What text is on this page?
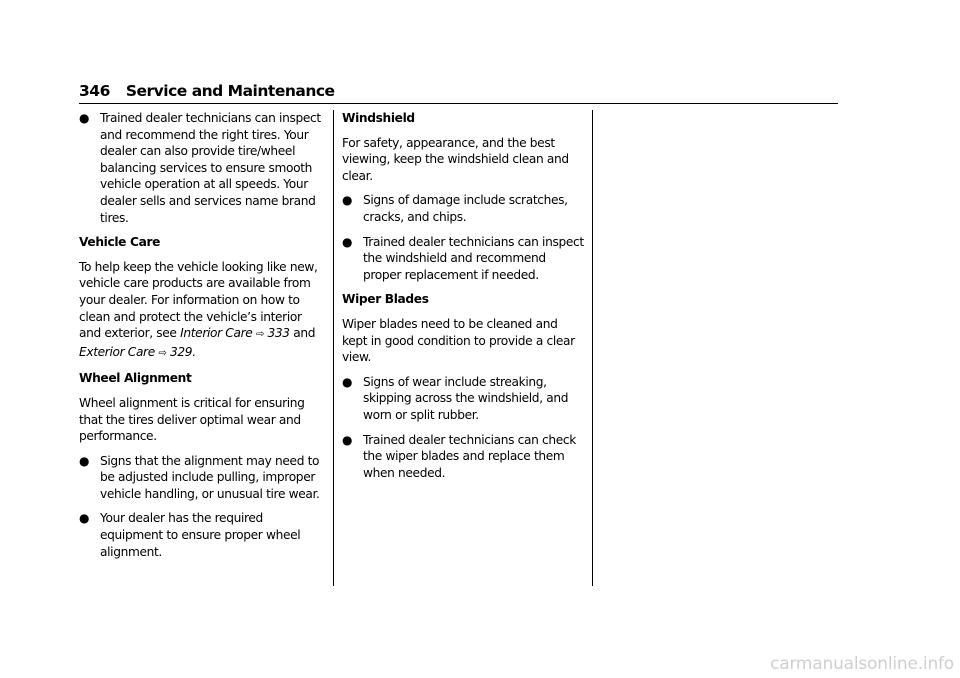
346 Service and Maintenance
● Trained dealer technicians can inspect and recommend the right tires. Your dealer can also provide tire/wheel balancing services to ensure smooth vehicle operation at all speeds. Your dealer sells and services name brand tires.
Vehicle Care
To help keep the vehicle looking like new, vehicle care products are available from your dealer. For information on how to clean and protect the vehicle’s interior and exterior, see Interior Care ⇨ 333 and
Exterior Care ⇨ 329.
Wheel Alignment
Wheel alignment is critical for ensuring that the tires deliver optimal wear and performance.
● Signs that the alignment may need to be adjusted include pulling, improper vehicle handling, or unusual tire wear.
● Your dealer has the required equipment to ensure proper wheel alignment.
Windshield
For safety, appearance, and the best viewing, keep the windshield clean and clear.
● Signs of damage include scratches, cracks, and chips.
● Trained dealer technicians can inspect the windshield and recommend proper replacement if needed.
Wiper Blades
Wiper blades need to be cleaned and kept in good condition to provide a clear view.
● Signs of wear include streaking, skipping across the windshield, and worn or split rubber.
● Trained dealer technicians can check the wiper blades and replace them when needed.
carmanualsonline.info
